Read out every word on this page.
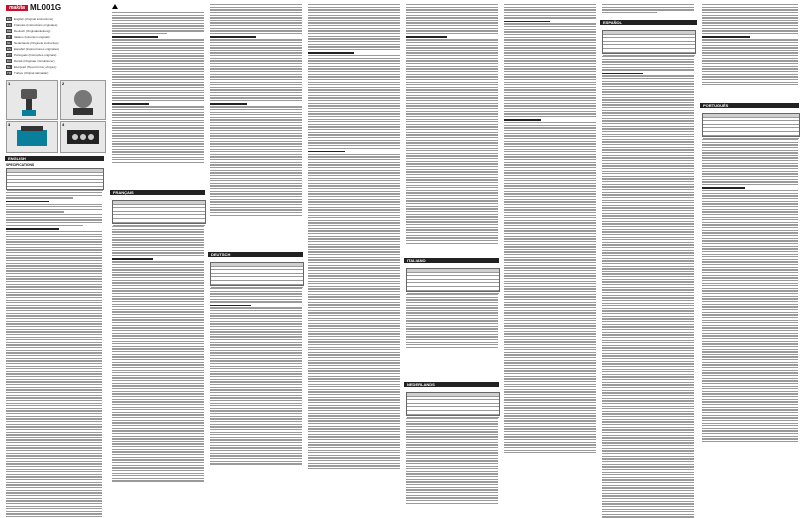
makita ML001G
EN English (Original instructions)
FR	Français (Instructions originales)
DE Deutsch (Originalanleitung)
IT	Italiano (Istruzioni originali)
NL	Nederlands (Originele instructies)
ES	Español (Instrucciones originales)
PT	Português (Instruções originais)
DA Dansk (Originale instruktioner)
EL	Ελληνικά (Πρωτότυπες οδηγίες)
TR	Türkçe (Orijinal talimatlar)
1	2
3	4
ENGLISH
SPECIFICATIONS
FRANÇAIS
DEUTSCH
ITALIANO
NEDERLANDS
ESPAÑOL
PORTUGUÊS
